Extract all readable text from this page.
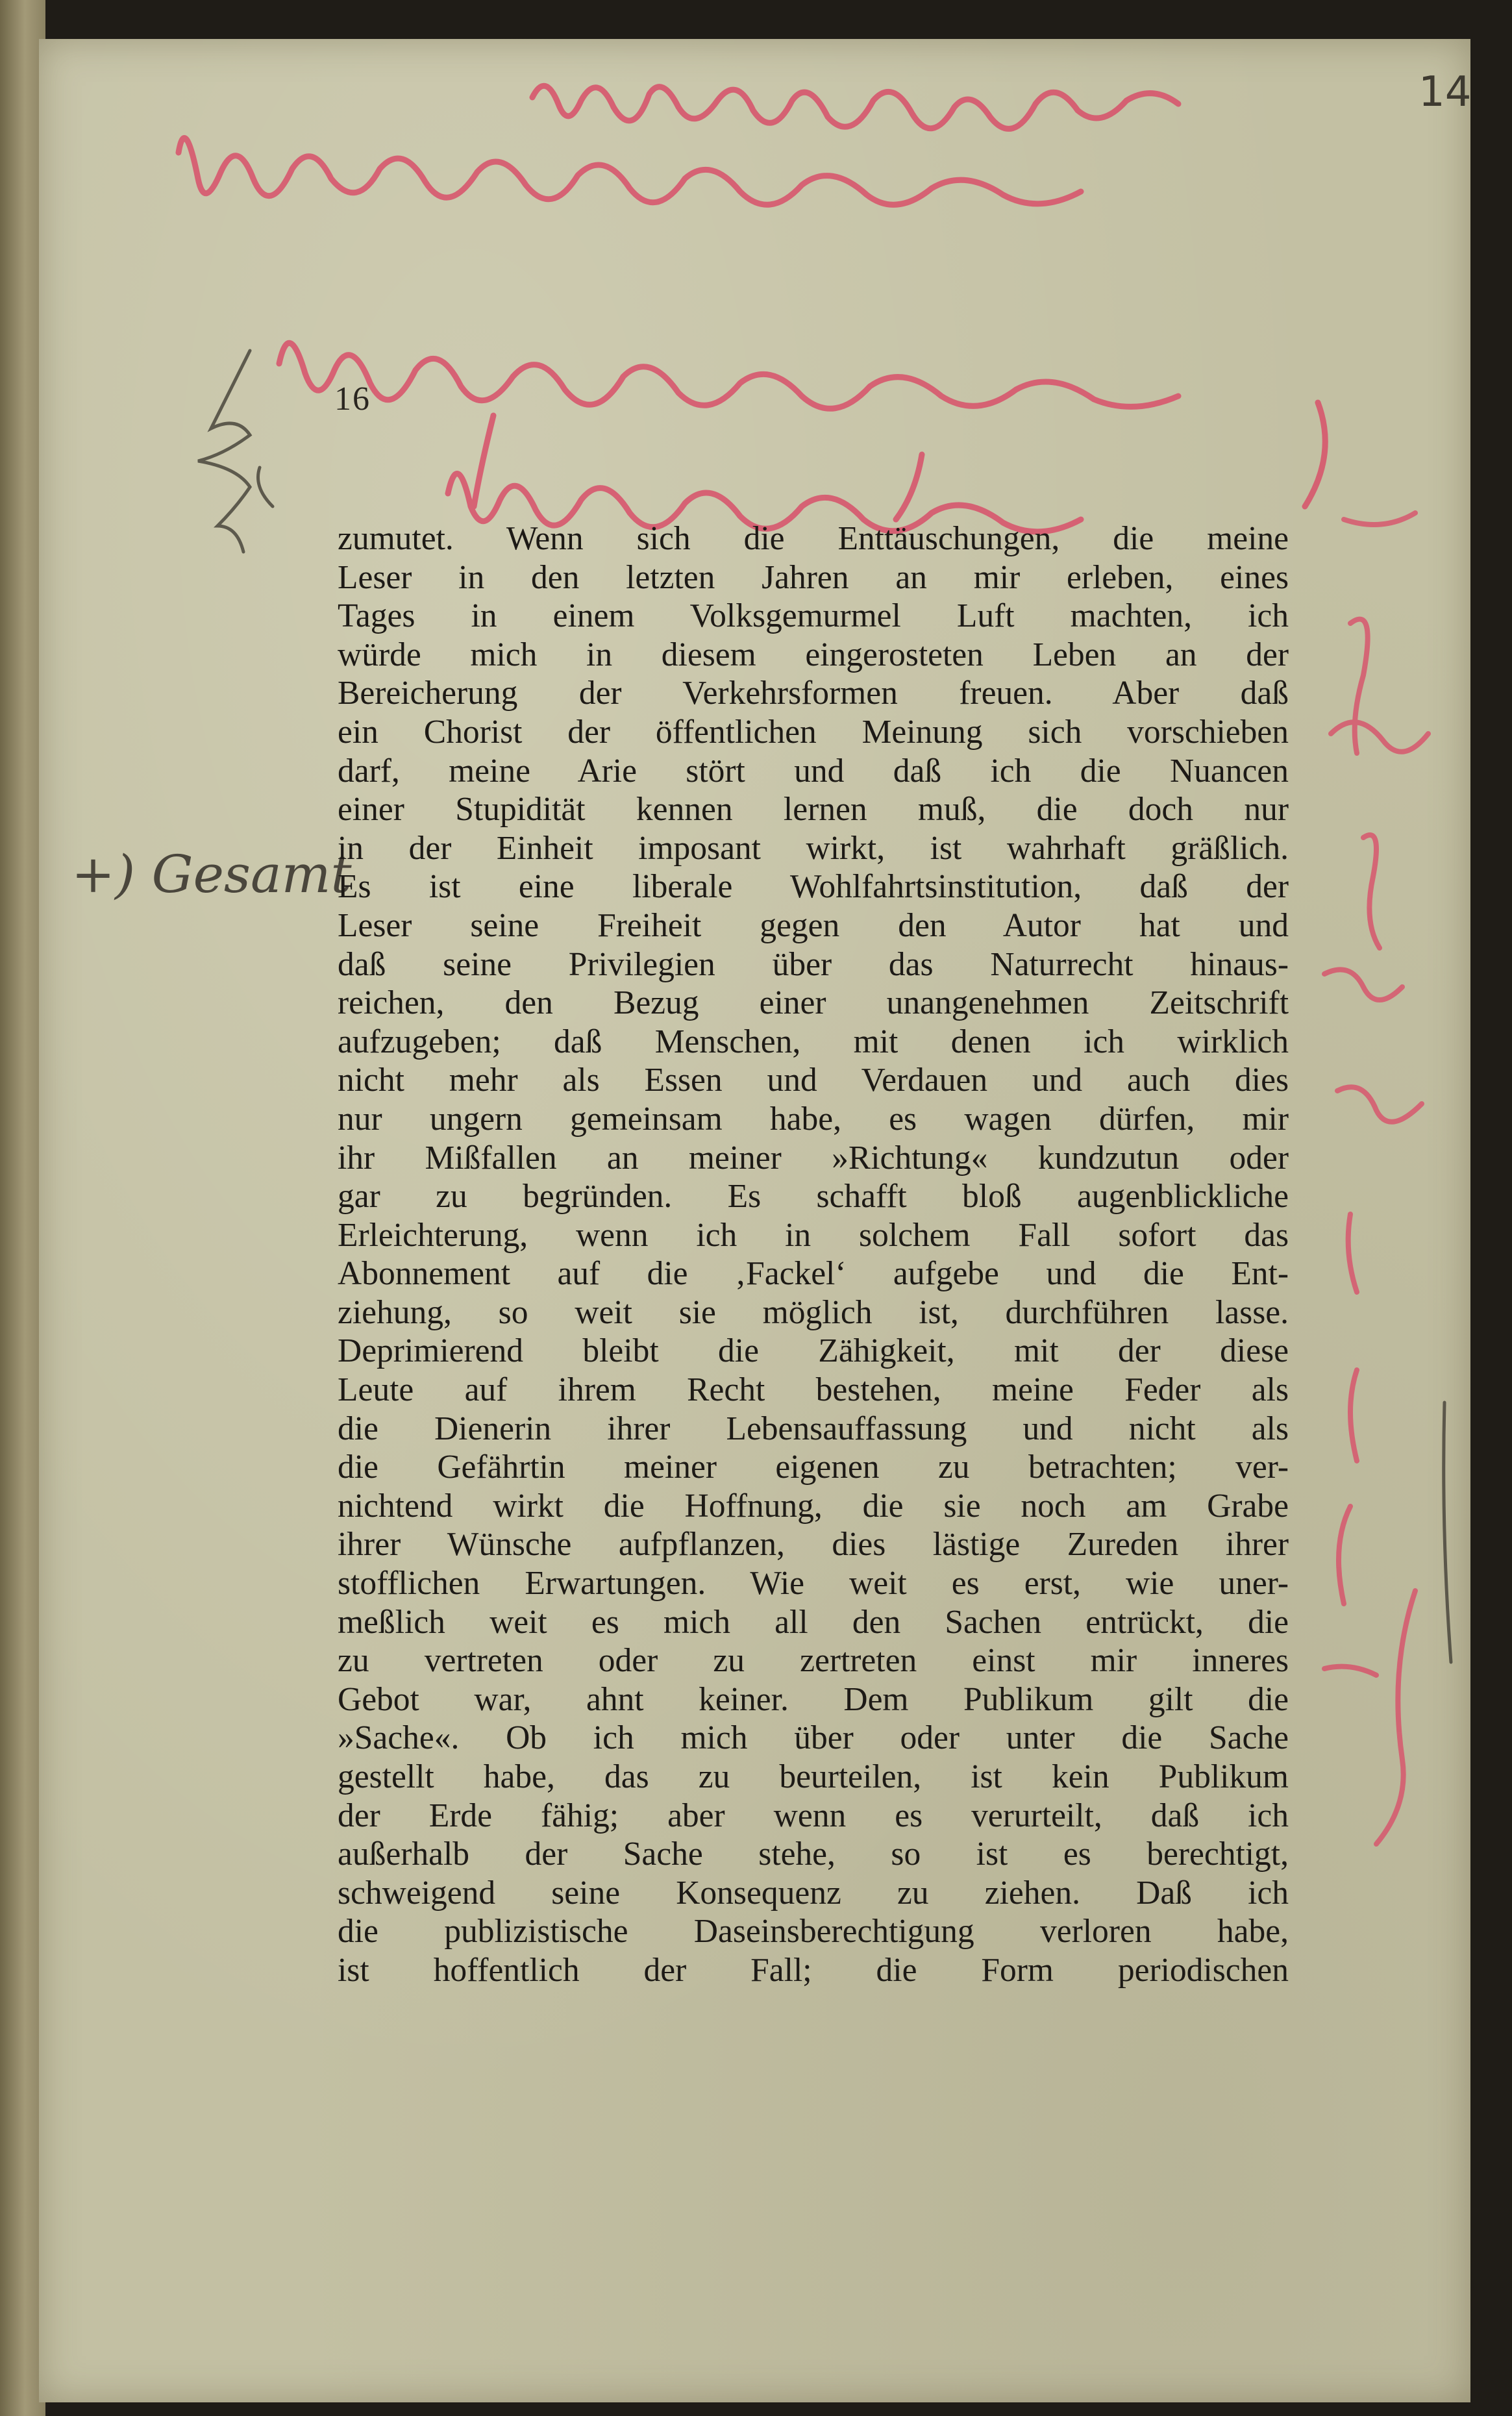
14
16
+) Gesamt
zumutet. Wenn sich die Enttäuschungen, die meine
Leser in den letzten Jahren an mir erleben, eines
Tages in einem Volksgemurmel Luft machten, ich
würde mich in diesem eingerosteten Leben an der
Bereicherung der Verkehrsformen freuen. Aber daß
ein Chorist der öffentlichen Meinung sich vorschieben
darf, meine Arie stört und daß ich die Nuancen
einer Stupidität kennen lernen muß, die doch nur
in der Einheit imposant wirkt, ist wahrhaft gräßlich.
Es ist eine liberale Wohlfahrtsinstitution, daß der
Leser seine Freiheit gegen den Autor hat und
daß seine Privilegien über das Naturrecht hinaus-
reichen, den Bezug einer unangenehmen Zeitschrift
aufzugeben; daß Menschen, mit denen ich wirklich
nicht mehr als Essen und Verdauen und auch dies
nur ungern gemeinsam habe, es wagen dürfen, mir
ihr Mißfallen an meiner »Richtung« kundzutun oder
gar zu begründen. Es schafft bloß augenblickliche
Erleichterung, wenn ich in solchem Fall sofort das
Abonnement auf die ‚Fackel‘ aufgebe und die Ent-
ziehung, so weit sie möglich ist, durchführen lasse.
Deprimierend bleibt die Zähigkeit, mit der diese
Leute auf ihrem Recht bestehen, meine Feder als
die Dienerin ihrer Lebensauffassung und nicht als
die Gefährtin meiner eigenen zu betrachten; ver-
nichtend wirkt die Hoffnung, die sie noch am Grabe
ihrer Wünsche aufpflanzen, dies lästige Zureden ihrer
stofflichen Erwartungen. Wie weit es erst, wie uner-
meßlich weit es mich all den Sachen entrückt, die
zu vertreten oder zu zertreten einst mir inneres
Gebot war, ahnt keiner. Dem Publikum gilt die
»Sache«. Ob ich mich über oder unter die Sache
gestellt habe, das zu beurteilen, ist kein Publikum
der Erde fähig; aber wenn es verurteilt, daß ich
außerhalb der Sache stehe, so ist es berechtigt,
schweigend seine Konsequenz zu ziehen. Daß ich
die publizistische Daseinsberechtigung verloren habe,
ist hoffentlich der Fall; die Form periodischen
